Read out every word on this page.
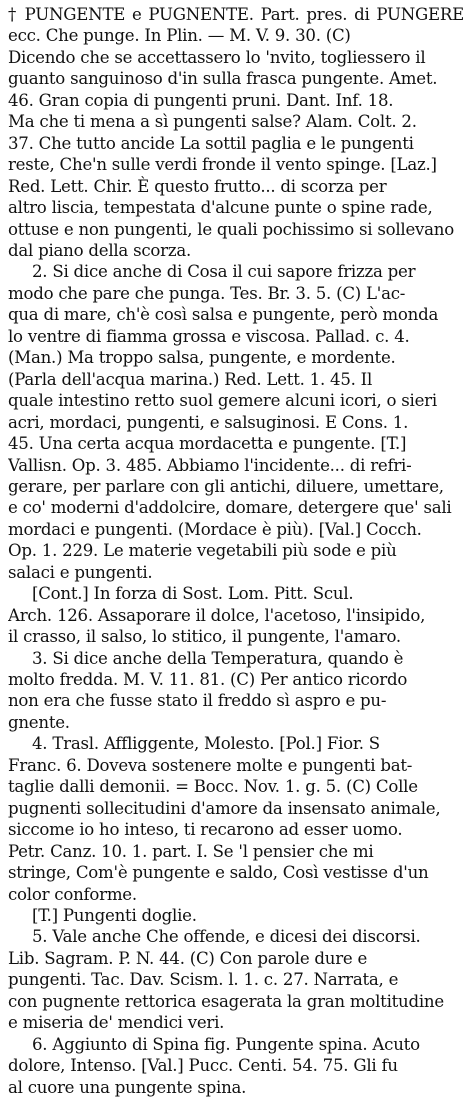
† PUNGENTE e PUGNENTE. Part. pres. di PUNGERE ecc. Che punge. In Plin. — M. V. 9. 30. (C)
Dicendo che se accettassero lo 'nvito, togliessero il
guanto sanguinoso d'in sulla frasca pungente. Amet.
46. Gran copia di pungenti pruni. Dant. Inf. 18.
Ma che ti mena a sì pungenti salse? Alam. Colt. 2.
37. Che tutto ancide La sottil paglia e le pungenti
reste, Che'n sulle verdi fronde il vento spinge. [Laz.]
Red. Lett. Chir. È questo frutto... di scorza per
altro liscia, tempestata d'alcune punte o spine rade,
ottuse e non pungenti, le quali pochissimo si sollevano
dal piano della scorza.
2. Si dice anche di Cosa il cui sapore frizza per
modo che pare che punga. Tes. Br. 3. 5. (C) L'ac-
qua di mare, ch'è così salsa e pungente, però monda
lo ventre di fiamma grossa e viscosa. Pallad. c. 4.
(Man.) Ma troppo salsa, pungente, e mordente.
(Parla dell'acqua marina.) Red. Lett. 1. 45. Il
quale intestino retto suol gemere alcuni icori, o sieri
acri, mordaci, pungenti, e salsuginosi. E Cons. 1.
45. Una certa acqua mordacetta e pungente. [T.]
Vallisn. Op. 3. 485. Abbiamo l'incidente... di refri-
gerare, per parlare con gli antichi, diluere, umettare,
e co' moderni d'addolcire, domare, detergere que' sali
mordaci e pungenti. (Mordace è più). [Val.] Cocch.
Op. 1. 229. Le materie vegetabili più sode e più
salaci e pungenti.
[Cont.] In forza di Sost. Lom. Pitt. Scul.
Arch. 126. Assaporare il dolce, l'acetoso, l'insipido,
il crasso, il salso, lo stitico, il pungente, l'amaro.
3. Si dice anche della Temperatura, quando è
molto fredda. M. V. 11. 81. (C) Per antico ricordo
non era che fusse stato il freddo sì aspro e pu-
gnente.
4. Trasl. Affliggente, Molesto. [Pol.] Fior. S
Franc. 6. Doveva sostenere molte e pungenti bat-
taglie dalli demonii. = Bocc. Nov. 1. g. 5. (C) Colle
pugnenti sollecitudini d'amore da insensato animale,
siccome io ho inteso, ti recarono ad esser uomo.
Petr. Canz. 10. 1. part. I. Se 'l pensier che mi
stringe, Com'è pungente e saldo, Così vestisse d'un
color conforme.
[T.] Pungenti doglie.
5. Vale anche Che offende, e dicesi dei discorsi.
Lib. Sagram. P. N. 44. (C) Con parole dure e
pungenti. Tac. Dav. Scism. l. 1. c. 27. Narrata, e
con pugnente rettorica esagerata la gran moltitudine
e miseria de' mendici veri.
6. Aggiunto di Spina fig. Pungente spina. Acuto
dolore, Intenso. [Val.] Pucc. Centi. 54. 75. Gli fu
al cuore una pungente spina.
